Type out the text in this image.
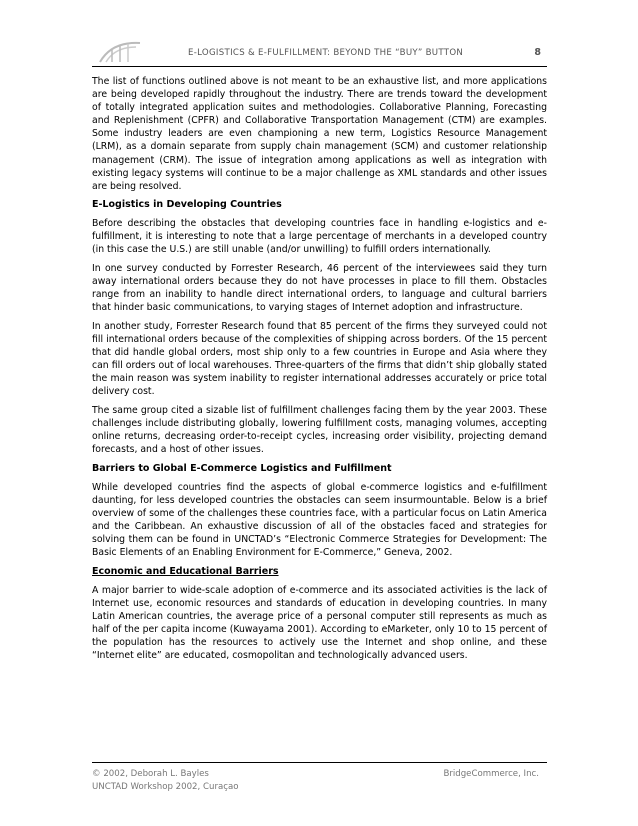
E-LOGISTICS & E-FULFILLMENT: BEYOND THE “BUY” BUTTON	8

The list of functions outlined above is not meant to be an exhaustive list, and more applications are being developed rapidly throughout the industry. There are trends toward the development of totally integrated application suites and methodologies. Collaborative Planning, Forecasting and Replenishment (CPFR) and Collaborative Transportation Management (CTM) are examples. Some industry leaders are even championing a new term, Logistics Resource Management (LRM), as a domain separate from supply chain management (SCM) and customer relationship management (CRM). The issue of integration among applications as well as integration with existing legacy systems will continue to be a major challenge as XML standards and other issues are being resolved.

E-Logistics in Developing Countries

Before describing the obstacles that developing countries face in handling e-logistics and e-fulfillment, it is interesting to note that a large percentage of merchants in a developed country (in this case the U.S.) are still unable (and/or unwilling) to fulfill orders internationally.

In one survey conducted by Forrester Research, 46 percent of the interviewees said they turn away international orders because they do not have processes in place to fill them. Obstacles range from an inability to handle direct international orders, to language and cultural barriers that hinder basic communications, to varying stages of Internet adoption and infrastructure.

In another study, Forrester Research found that 85 percent of the firms they surveyed could not fill international orders because of the complexities of shipping across borders. Of the 15 percent that did handle global orders, most ship only to a few countries in Europe and Asia where they can fill orders out of local warehouses. Three-quarters of the firms that didn’t ship globally stated the main reason was system inability to register international addresses accurately or price total delivery cost.

The same group cited a sizable list of fulfillment challenges facing them by the year 2003. These challenges include distributing globally, lowering fulfillment costs, managing volumes, accepting online returns, decreasing order-to-receipt cycles, increasing order visibility, projecting demand forecasts, and a host of other issues.

Barriers to Global E-Commerce Logistics and Fulfillment

While developed countries find the aspects of global e-commerce logistics and e-fulfillment daunting, for less developed countries the obstacles can seem insurmountable. Below is a brief overview of some of the challenges these countries face, with a particular focus on Latin America and the Caribbean. An exhaustive discussion of all of the obstacles faced and strategies for solving them can be found in UNCTAD’s “Electronic Commerce Strategies for Development: The Basic Elements of an Enabling Environment for E-Commerce,” Geneva, 2002.

Economic and Educational Barriers

A major barrier to wide-scale adoption of e-commerce and its associated activities is the lack of Internet use, economic resources and standards of education in developing countries. In many Latin American countries, the average price of a personal computer still represents as much as half of the per capita income (Kuwayama 2001). According to eMarketer, only 10 to 15 percent of the population has the resources to actively use the Internet and shop online, and these “Internet elite” are educated, cosmopolitan and technologically advanced users.

© 2002, Deborah L. Bayles
UNCTAD Workshop 2002, Curaçao
BridgeCommerce, Inc.
